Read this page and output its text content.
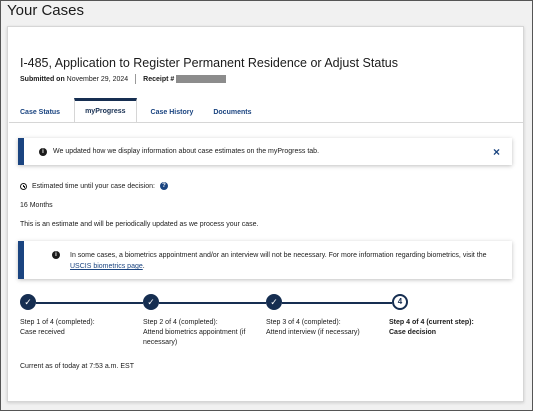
Your Cases
I-485, Application to Register Permanent Residence or Adjust Status
Submitted on
November 29, 2024 Receipt #
Case Status	myProgress	Case History	Documents
i	We updated how we display information about case estimates on the myProgress tab.	×
Estimated time until your case decision:	?
16 Months
This is an estimate and will be periodically updated as we process your case.
i	In some cases, a biometrics appointment and/or an interview will not be necessary. For more information regarding biometrics, visit the USCIS biometrics page.
✓	✓	✓	4
Step 1 of 4 (completed):
Case received
Step 2 of 4 (completed):
Attend biometrics appointment (if necessary)
Step 3 of 4 (completed):
Attend interview (if necessary)
Step 4 of 4 (current step):
Case decision
Current as of today at 7:53 a.m. EST
